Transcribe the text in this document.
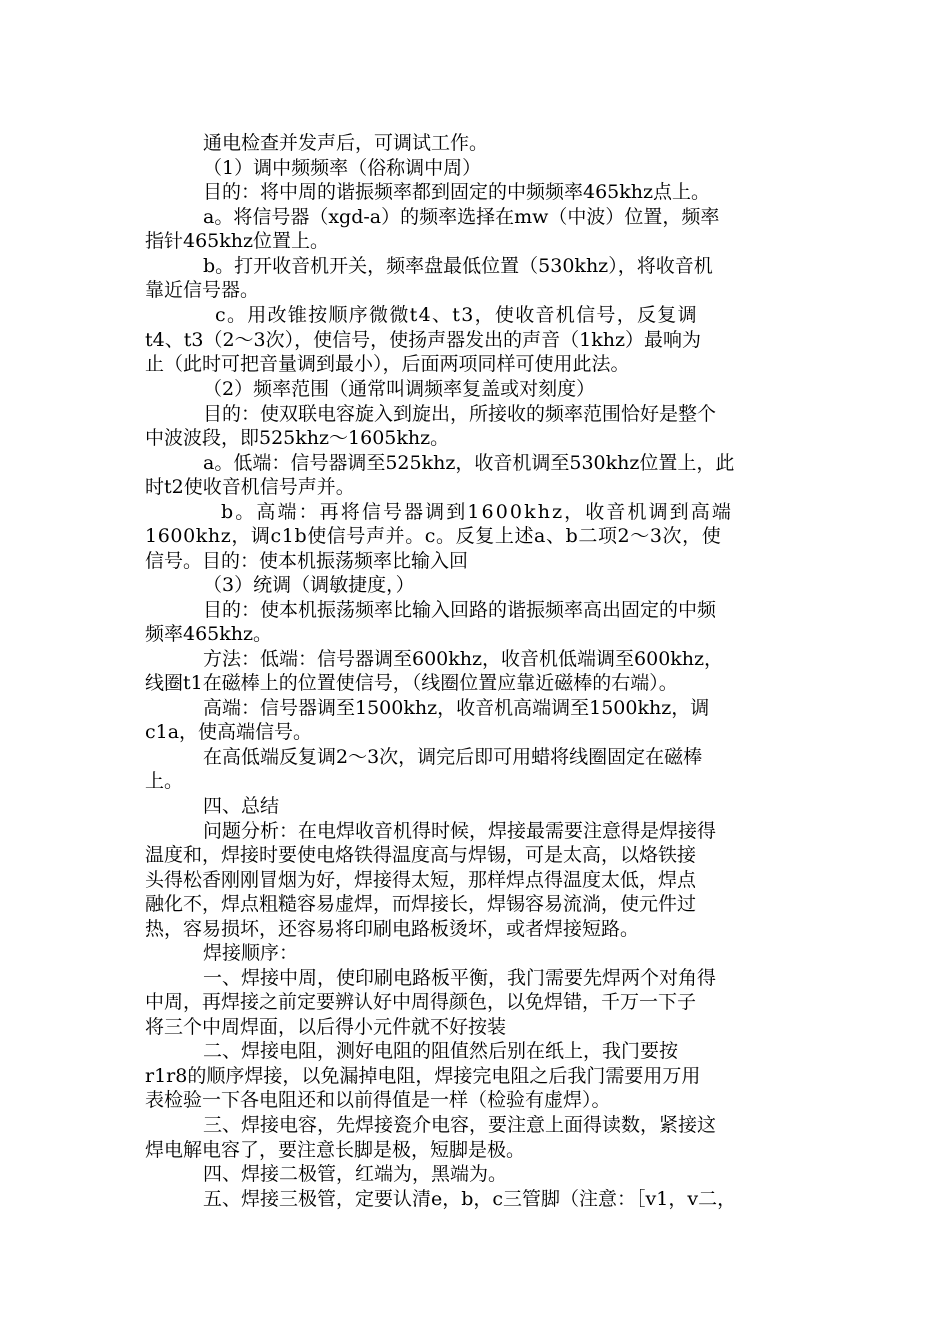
通电检查并发声后，可调试工作。
（1）调中频频率（俗称调中周）
目的：将中周的谐振频率都到固定的中频频率465khz点上。
a。将信号器（xgd-a）的频率选择在mw（中波）位置，频率
指针465khz位置上。
b。打开收音机开关，频率盘最低位置（530khz），将收音机
靠近信号器。
c。用改锥按顺序微微t4、t3，使收音机信号，反复调
t4、t3（2～3次），使信号，使扬声器发出的声音（1khz）最响为
止（此时可把音量调到最小），后面两项同样可使用此法。
（2）频率范围（通常叫调频率复盖或对刻度）
目的：使双联电容旋入到旋出，所接收的频率范围恰好是整个
中波波段，即525khz～1605khz。
a。低端：信号器调至525khz，收音机调至530khz位置上，此
时t2使收音机信号声并。
b。高端：再将信号器调到1600khz，收音机调到高端
1600khz，调c1b使信号声并。c。反复上述a、b二项2～3次，使
信号。目的：使本机振荡频率比输入回
（3）统调（调敏捷度，）
目的：使本机振荡频率比输入回路的谐振频率高出固定的中频
频率465khz。
方法：低端：信号器调至600khz，收音机低端调至600khz，
线圈t1在磁棒上的位置使信号，（线圈位置应靠近磁棒的右端）。
高端：信号器调至1500khz，收音机高端调至1500khz，调
c1a，使高端信号。
在高低端反复调2～3次，调完后即可用蜡将线圈固定在磁棒
上。
四、总结
问题分析：在电焊收音机得时候，焊接最需要注意得是焊接得
温度和，焊接时要使电烙铁得温度高与焊锡，可是太高，以烙铁接
头得松香刚刚冒烟为好，焊接得太短，那样焊点得温度太低，焊点
融化不，焊点粗糙容易虚焊，而焊接长，焊锡容易流淌，使元件过
热，容易损坏，还容易将印刷电路板烫坏，或者焊接短路。
焊接顺序：
一、焊接中周，使印刷电路板平衡，我门需要先焊两个对角得
中周，再焊接之前定要辨认好中周得颜色，以免焊错，千万一下子
将三个中周焊面，以后得小元件就不好按装
二、焊接电阻，测好电阻的阻值然后别在纸上，我门要按
r1r8的顺序焊接，以免漏掉电阻，焊接完电阻之后我门需要用万用
表检验一下各电阻还和以前得值是一样（检验有虚焊）。
三、焊接电容，先焊接瓷介电容，要注意上面得读数，紧接这
焊电解电容了，要注意长脚是极，短脚是极。
四、焊接二极管，红端为，黑端为。
五、焊接三极管，定要认清e，b，c三管脚（注意：［v1，v二，
